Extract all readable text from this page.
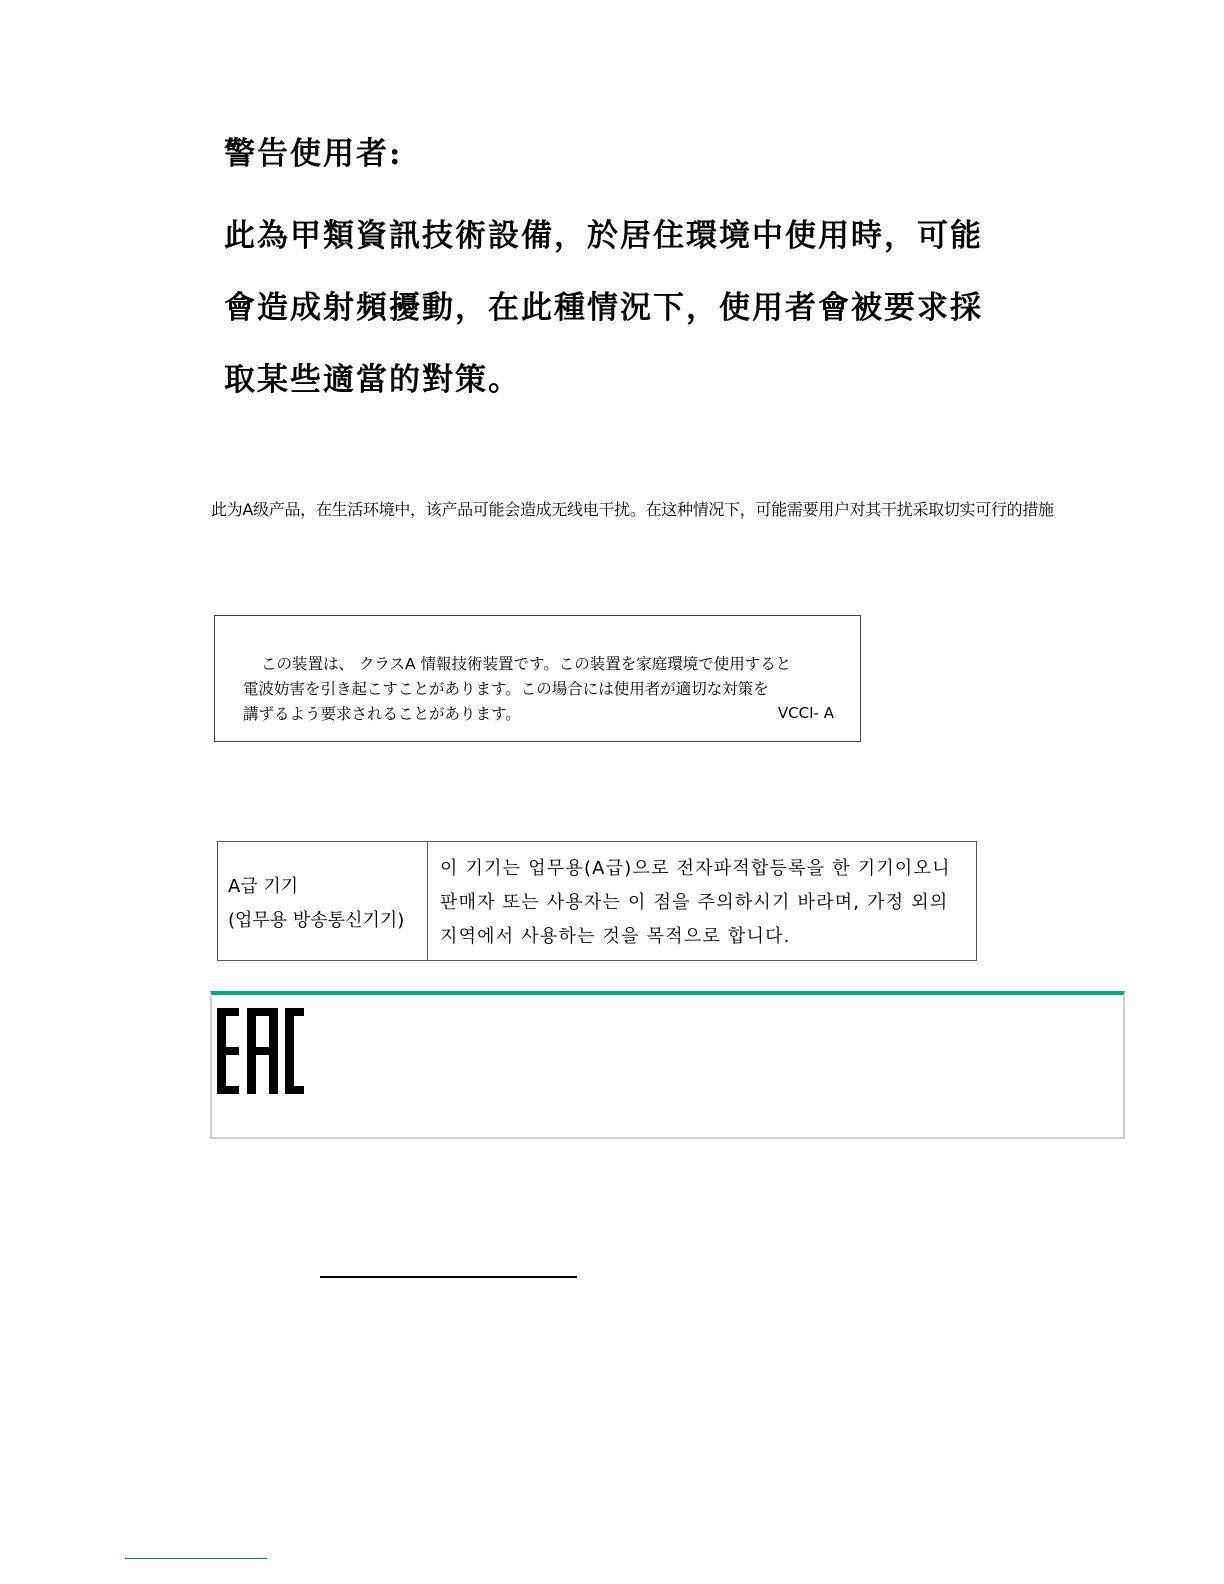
警告使用者:
此為甲類資訊技術設備，於居住環境中使用時，可能
會造成射頻擾動，在此種情況下，使用者會被要求採
取某些適當的對策。
此为A级产品，在生活环境中，该产品可能会造成无线电干扰。在这种情况下，可能需要用户对其干扰采取切实可行的措施
この装置は、 クラスA 情報技術装置です。この装置を家庭環境で使用すると
電波妨害を引き起こすことがあります。この場合には使用者が適切な対策を
講ずるよう要求されることがあります。	VCCI- A
A급 기기
(업무용 방송통신기기)
이 기기는 업무용(A급)으로 전자파적합등록을 한 기기이오니
판매자 또는 사용자는 이 점을 주의하시기 바라며, 가정 외의
지역에서 사용하는 것을 목적으로 합니다.
